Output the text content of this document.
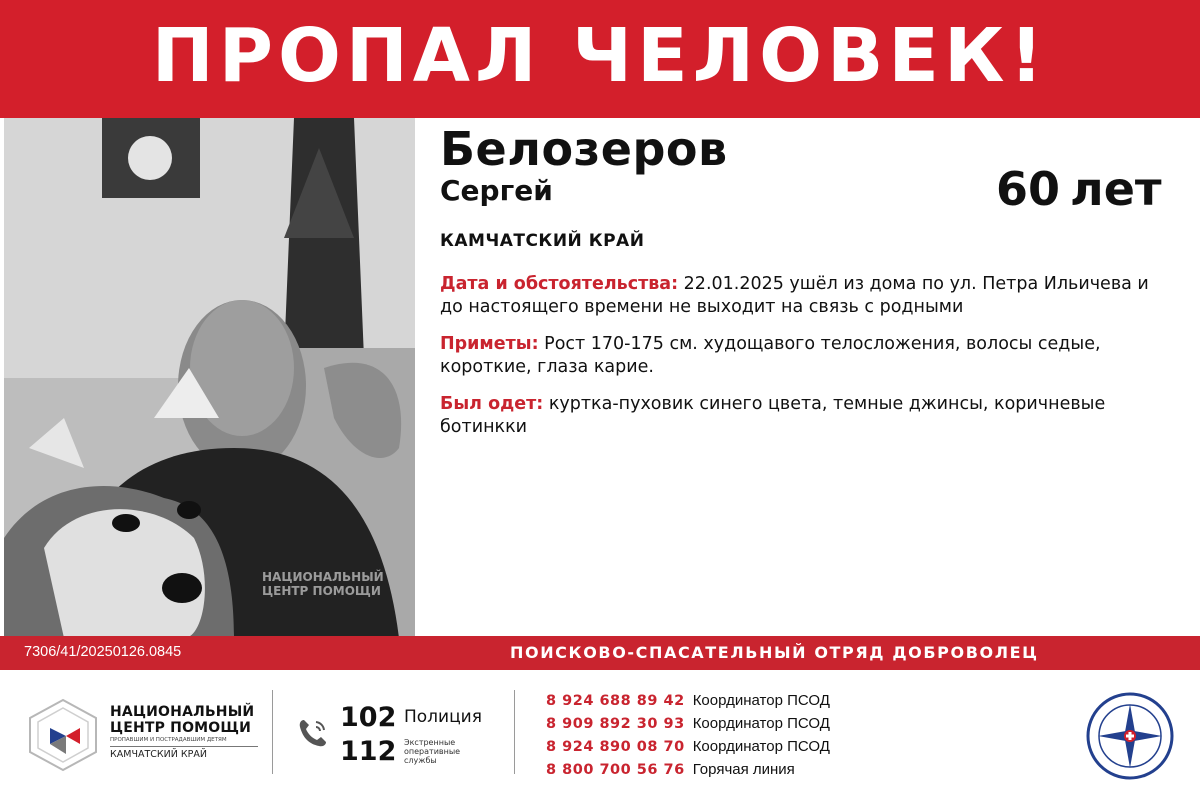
ПРОПАЛ ЧЕЛОВЕК!
НАЦИОНАЛЬНЫЙ
ЦЕНТР ПОМОЩИ
Белозеров
Сергей	60 лет
КАМЧАТСКИЙ КРАЙ

Дата и обстоятельства: 22.01.2025 ушёл из дома по ул. Петра Ильичева и до настоящего времени не выходит на связь с родными

Приметы: Рост 170-175 см. худощавого телосложения, волосы седые, короткие, глаза карие.

Был одет: куртка-пуховик синего цвета, темные джинсы, коричневые ботинкки

7306/41/20250126.0845	ПОИСКОВО-СПАСАТЕЛЬНЫЙ ОТРЯД ДОБРОВОЛЕЦ
НАЦИОНАЛЬНЫЙ
ЦЕНТР ПОМОЩИ
ПРОПАВШИМ И ПОСТРАДАВШИМ ДЕТЯМ
КАМЧАТСКИЙ КРАЙ
102 Полиция
112 Экстренные оперативные службы
8 924 688 89 42 Координатор ПСОД
8 909 892 30 93 Координатор ПСОД
8 924 890 08 70 Координатор ПСОД
8 800 700 56 76 Горячая линия
